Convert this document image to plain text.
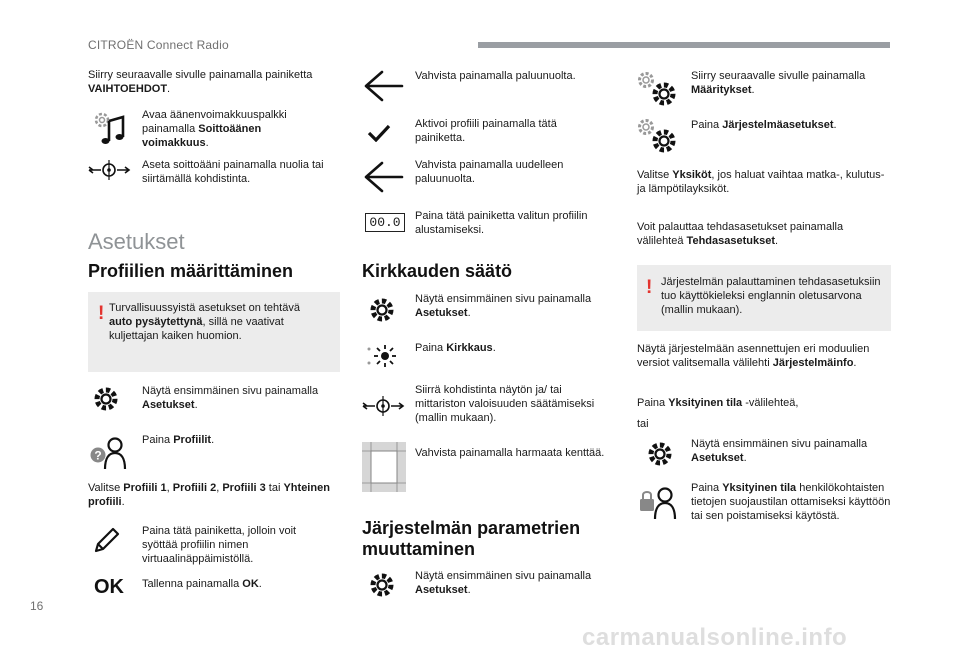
CITROËN Connect Radio
Siirry seuraavalle sivulle painamalla painiketta VAIHTOEHDOT.
Avaa äänenvoimakkuuspalkki painamalla Soittoäänen voimakkuus.
Aseta soittoääni painamalla nuolia tai siirtämällä kohdistinta.
Asetukset
Profiilien määrittäminen
! Turvallisuussyistä asetukset on tehtävä auto pysäytettynä, sillä ne vaativat kuljettajan kaiken huomion.
Näytä ensimmäinen sivu painamalla Asetukset.
?
Paina Profiilit.
Valitse Profiili 1, Profiili 2, Profiili 3 tai Yhteinen profiili.
Paina tätä painiketta, jolloin voit syöttää profiilin nimen virtuaalinäppäimistöllä.
OK Tallenna painamalla OK.
Vahvista painamalla paluunuolta.
Aktivoi profiili painamalla tätä painiketta.
Vahvista painamalla uudelleen paluunuolta.
00.0	Paina tätä painiketta valitun profiilin alustamiseksi.
Kirkkauden säätö
Näytä ensimmäinen sivu painamalla Asetukset.
Paina Kirkkaus.
Siirrä kohdistinta näytön ja/ tai mittariston valoisuuden säätämiseksi (mallin mukaan).
Vahvista painamalla harmaata kenttää.
Järjestelmän parametrien muuttaminen
Näytä ensimmäinen sivu painamalla Asetukset.
Siirry seuraavalle sivulle painamalla Määritykset.
Paina Järjestelmäasetukset.
Valitse Yksiköt, jos haluat vaihtaa matka-, kulutus- ja lämpötilayksiköt.
Voit palauttaa tehdasasetukset painamalla välilehteä Tehdasasetukset.
! Järjestelmän palauttaminen tehdasasetuksiin tuo käyttökieleksi englannin oletusarvona (mallin mukaan).
Näytä järjestelmään asennettujen eri moduulien versiot valitsemalla välilehti Järjestelmäinfo.
Paina Yksityinen tila -välilehteä,
tai
Näytä ensimmäinen sivu painamalla Asetukset.
Paina Yksityinen tila henkilökohtaisten tietojen suojaustilan ottamiseksi käyttöön tai sen poistamiseksi käytöstä.
16
carmanualsonline.info
